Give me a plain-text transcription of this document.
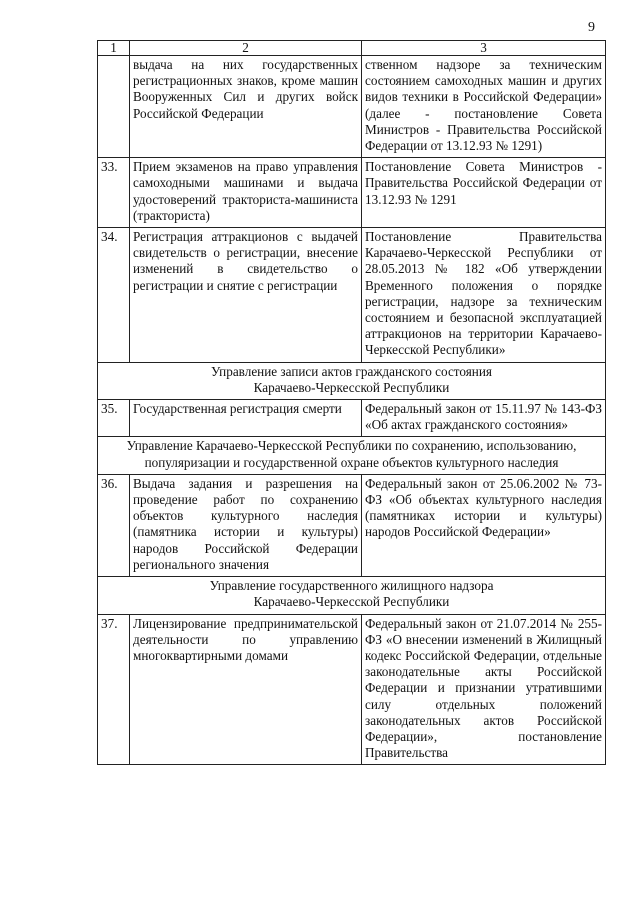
9
1	2	3
	выдача на них государственных регистрационных знаков, кроме машин Вооруженных Сил и других войск Российской Федерации	ственном надзоре за техническим состоянием самоходных машин и других видов техники в Российской Федерации» (далее - постановление Совета Министров - Правительства Российской Федерации от 13.12.93 № 1291)
33.	Прием экзаменов на право управления самоходными машинами и выдача удостоверений тракториста-машиниста (тракториста)	Постановление Совета Министров - Правительства Российской Федерации от 13.12.93 № 1291
34.	Регистрация аттракционов с выдачей свидетельств о регистрации, внесение изменений в свидетельство о регистрации и снятие с регистрации	Постановление Правительства Карачаево-Черкесской Республики от 28.05.2013 № 182 «Об утверждении Временного положения о порядке регистрации, надзоре за техническим состоянием и безопасной эксплуатацией аттракционов на территории Карачаево-Черкесской Республики»

Управление записи актов гражданского состояния
Карачаево-Черкесской Республики		

35.	Государственная регистрация смерти	Федеральный закон от 15.11.97 № 143-ФЗ «Об актах гражданского состояния»

Управление Карачаево-Черкесской Республики по сохранению, использованию,
популяризации и государственной охране объектов культурного наследия		

36.	Выдача задания и разрешения на проведение работ по сохранению объектов культурного наследия (памятника истории и культуры) народов Российской Федерации регионального значения	Федеральный закон от 25.06.2002 № 73-ФЗ «Об объектах культурного наследия (памятниках истории и культуры) народов Российской Федерации»

Управление государственного жилищного надзора
Карачаево-Черкесской Республики		

37.	Лицензирование предпринимательской деятельности по управлению многоквартирными домами	Федеральный закон от 21.07.2014 № 255-ФЗ «О внесении изменений в Жилищный кодекс Российской Федерации, отдельные законодательные акты Российской Федерации и признании утратившими силу отдельных положений законодательных актов Российской Федерации», постановление Правительства
